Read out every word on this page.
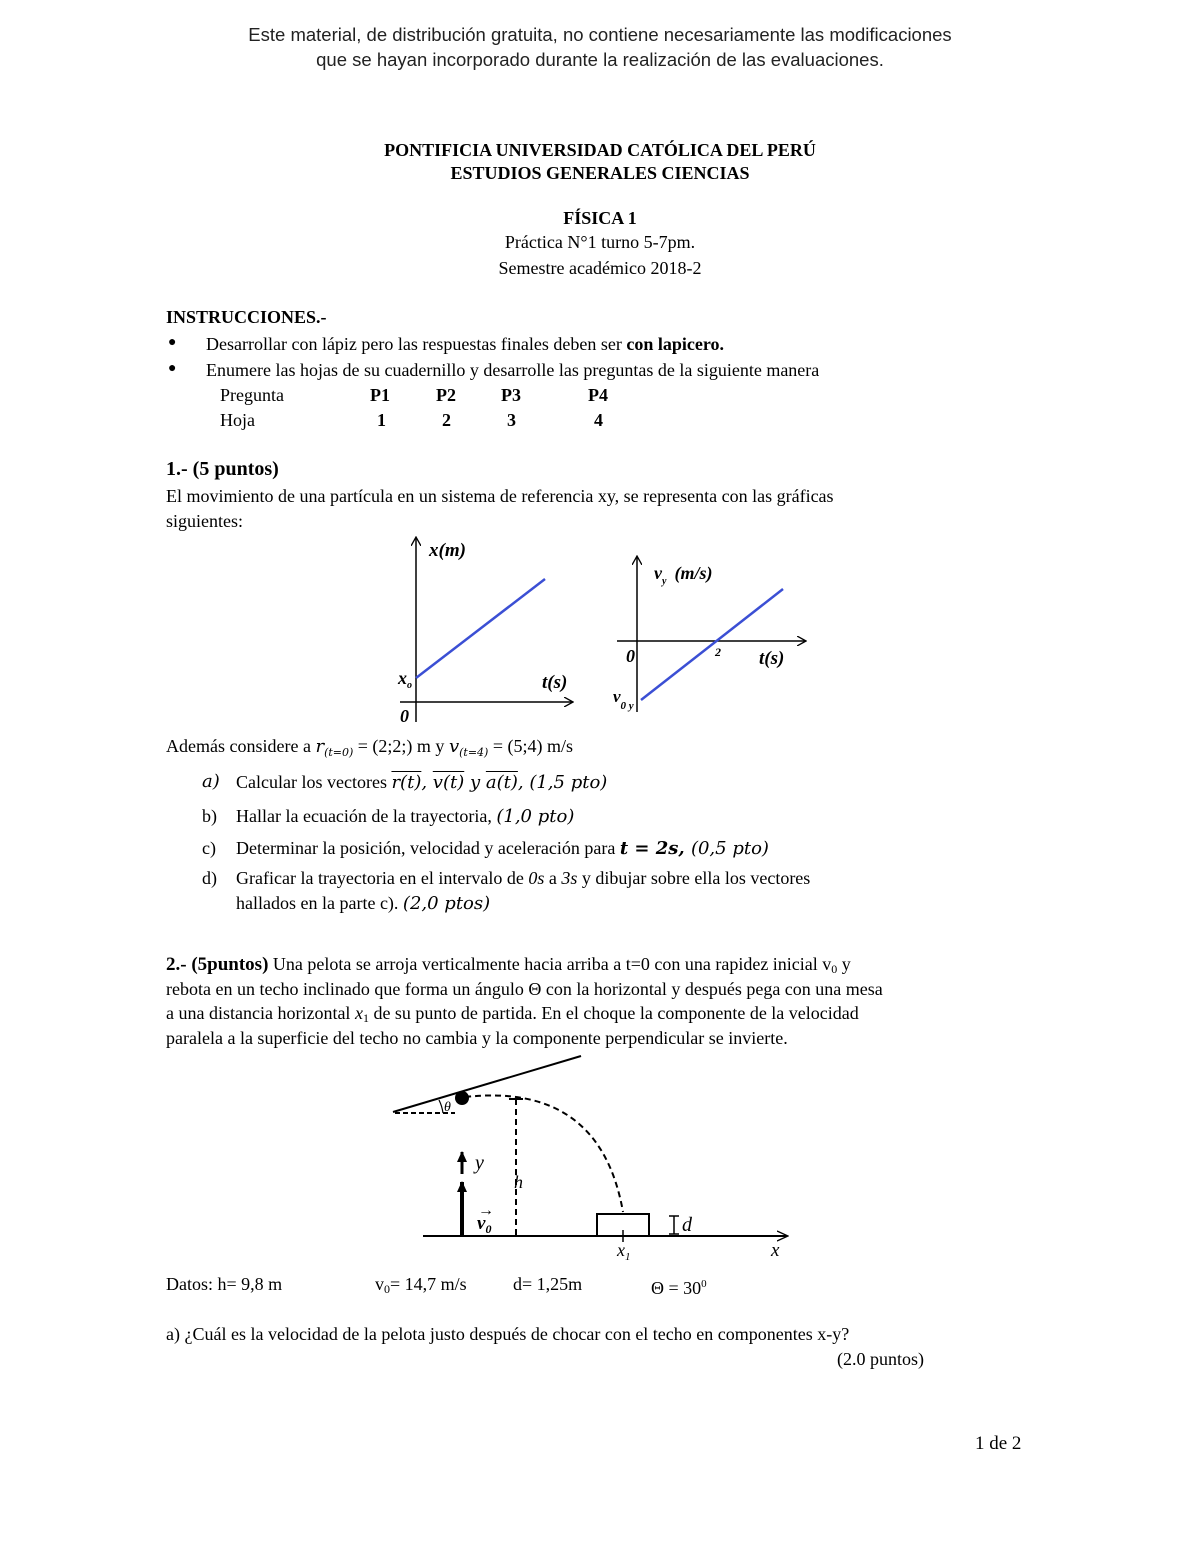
Este material, de distribución gratuita, no contiene necesariamente las modificaciones
que se hayan incorporado durante la realización de las evaluaciones.
PONTIFICIA UNIVERSIDAD CATÓLICA DEL PERÚ
ESTUDIOS GENERALES CIENCIAS
FÍSICA 1
Práctica N°1 turno 5-7pm.
Semestre académico 2018-2
INSTRUCCIONES.-
● Desarrollar con lápiz pero las respuestas finales deben ser con lapicero.
● Enumere las hojas de su cuadernillo y desarrolle las preguntas de la siguiente manera
Pregunta	P1	P2	P3	P4
Hoja	1	2	3	4
1.- (5 puntos)
El movimiento de una partícula en un sistema de referencia xy, se representa con las gráficas
siguientes:
x(m)
t(s)
0
$x_o$
$v_y$ (m/s)
t(s)
0	2
$v_{0 y}$
Además considere a $r_{(t=0)}$ = (2;2;) m y $v_{(t=4)}$ = (5;4) m/s
a) Calcular los vectores r(t), v(t) y a(t), (1,5 pto)
b) Hallar la ecuación de la trayectoria, (1,0 pto)
c) Determinar la posición, velocidad y aceleración para t = 2s, (0,5 pto)
d) Graficar la trayectoria en el intervalo de 0s a 3s y dibujar sobre ella los vectores
hallados en la parte c). (2,0 ptos)
2.- (5puntos) Una pelota se arroja verticalmente hacia arriba a t=0 con una rapidez inicial v0 y
rebota en un techo inclinado que forma un ángulo Θ con la horizontal y después pega con una mesa
a una distancia horizontal x1 de su punto de partida. En el choque la componente de la velocidad
paralela a la superficie del techo no cambia y la componente perpendicular se invierte.
θ
h
y
$v_0$
→
x
$x_1$
d
Datos: h= 9,8 m	v0= 14,7 m/s	d= 1,25m	$\Theta = 30^0$
a) ¿Cuál es la velocidad de la pelota justo después de chocar con el techo en componentes x-y?
(2.0 puntos)
1 de 2
